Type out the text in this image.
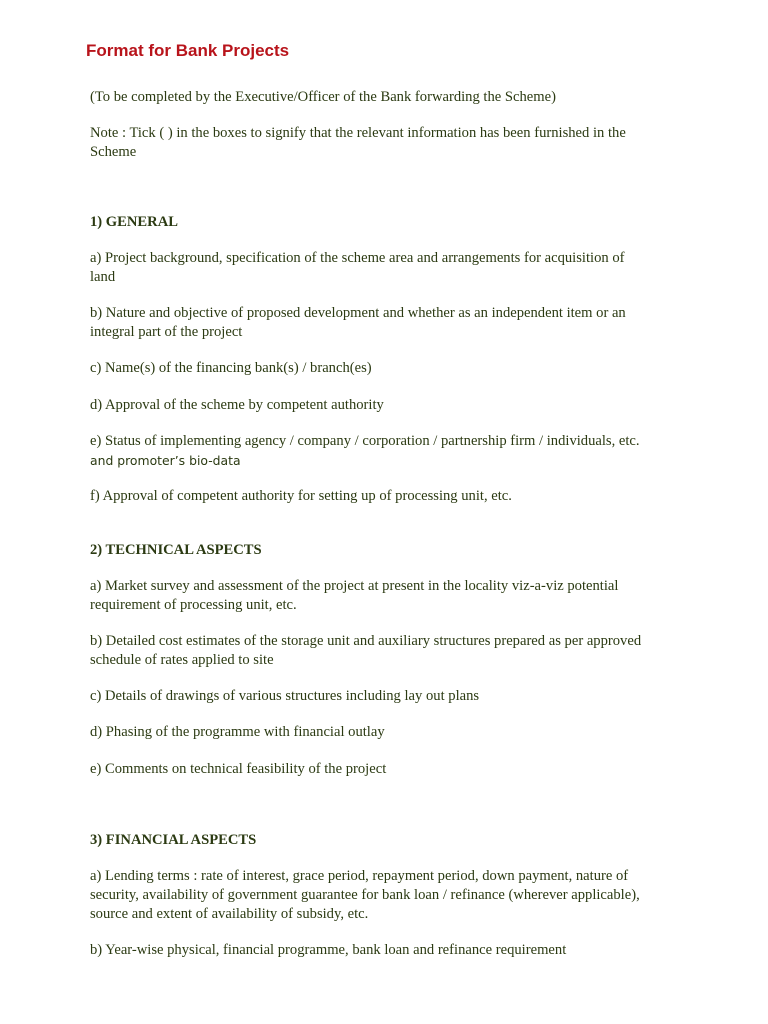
Format for Bank Projects

(To be completed by the Executive/Officer of the Bank forwarding the Scheme)

Note : Tick ( ) in the boxes to signify that the relevant information has been furnished in the
Scheme

1) GENERAL

a) Project background, specification of the scheme area and arrangements for acquisition of
land

b) Nature and objective of proposed development and whether as an independent item or an
integral part of the project

c) Name(s) of the financing bank(s) / branch(es)

d) Approval of the scheme by competent authority

e) Status of implementing agency / company / corporation / partnership firm / individuals, etc.

and promoter’s bio-data

f) Approval of competent authority for setting up of processing unit, etc.

2) TECHNICAL ASPECTS

a) Market survey and assessment of the project at present in the locality viz-a-viz potential
requirement of processing unit, etc.

b) Detailed cost estimates of the storage unit and auxiliary structures prepared as per approved
schedule of rates applied to site

c) Details of drawings of various structures including lay out plans

d) Phasing of the programme with financial outlay

e) Comments on technical feasibility of the project

3) FINANCIAL ASPECTS

a) Lending terms : rate of interest, grace period, repayment period, down payment, nature of
security, availability of government guarantee for bank loan / refinance (wherever applicable),
source and extent of availability of subsidy, etc.

b) Year-wise physical, financial programme, bank loan and refinance requirement
